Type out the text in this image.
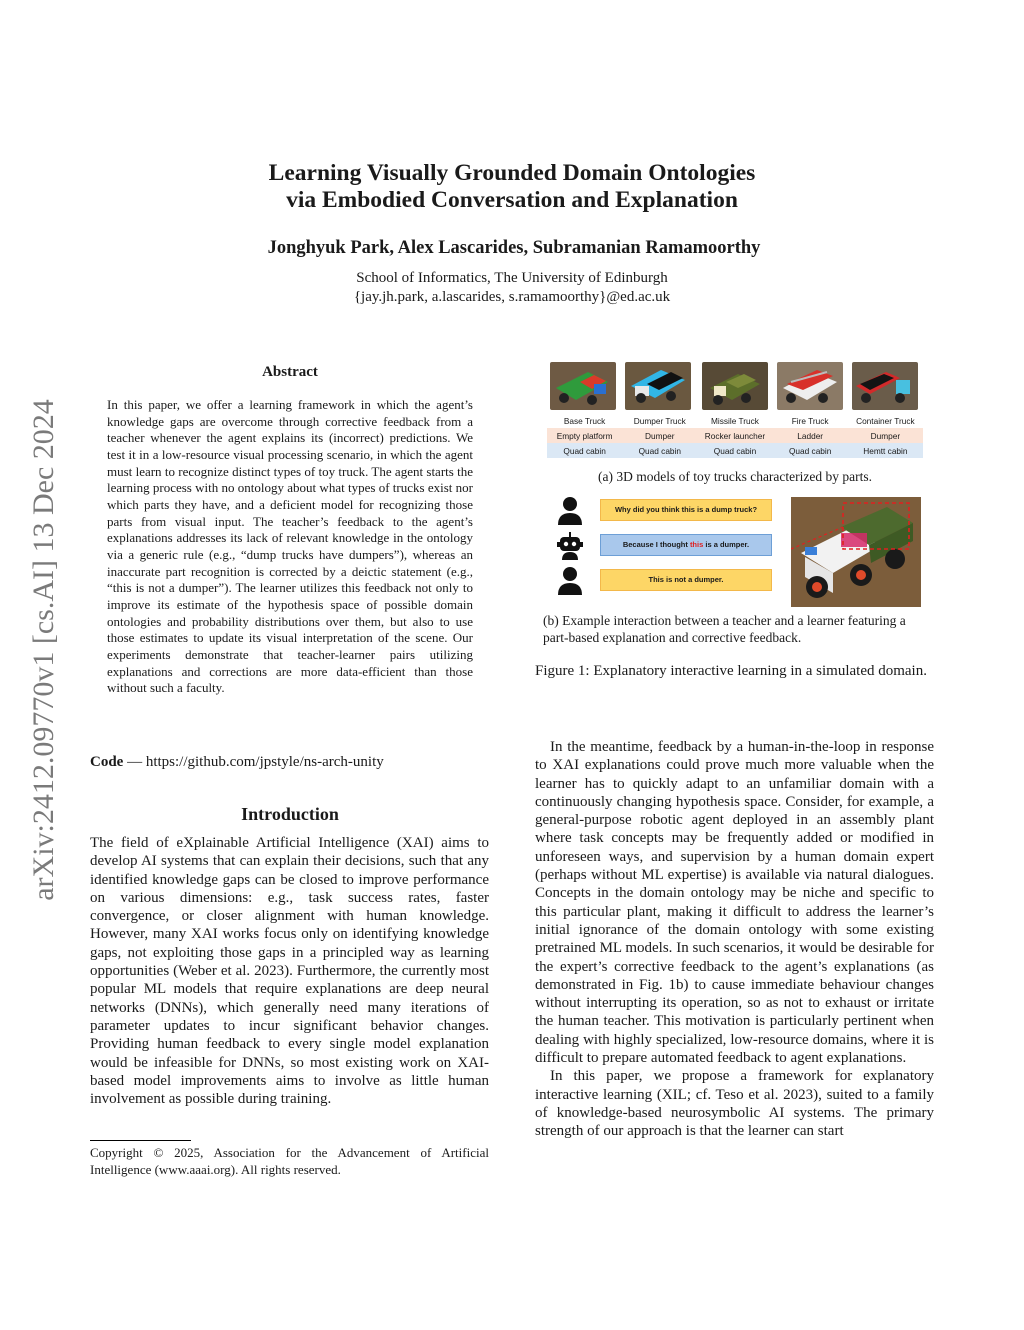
arXiv:2412.09770v1 [cs.AI] 13 Dec 2024
Learning Visually Grounded Domain Ontologies
via Embodied Conversation and Explanation
Jonghyuk Park, Alex Lascarides, Subramanian Ramamoorthy
School of Informatics, The University of Edinburgh
{jay.jh.park, a.lascarides, s.ramamoorthy}@ed.ac.uk
Abstract

In this paper, we offer a learning framework in which the agent’s knowledge gaps are overcome through corrective feedback from a teacher whenever the agent explains its (incorrect) predictions. We test it in a low-resource visual processing scenario, in which the agent must learn to recognize distinct types of toy truck. The agent starts the learning process with no ontology about what types of trucks exist nor which parts they have, and a deficient model for recognizing those parts from visual input. The teacher’s feedback to the agent’s explanations addresses its lack of relevant knowledge in the ontology via a generic rule (e.g., “dump trucks have dumpers”), whereas an inaccurate part recognition is corrected by a deictic statement (e.g., “this is not a dumper”). The learner utilizes this feedback not only to improve its estimate of the hypothesis space of possible domain ontologies and probability distributions over them, but also to use those estimates to update its visual interpretation of the scene. Our experiments demonstrate that teacher-learner pairs utilizing explanations and corrections are more data-efficient than those without such a faculty.

Code — https://github.com/jpstyle/ns-arch-unity
Introduction

The field of eXplainable Artificial Intelligence (XAI) aims to develop AI systems that can explain their decisions, such that any identified knowledge gaps can be closed to improve performance on various dimensions: e.g., task success rates, faster convergence, or closer alignment with human knowledge. However, many XAI works focus only on identifying knowledge gaps, not exploiting those gaps in a principled way as learning opportunities (Weber et al. 2023). Furthermore, the currently most popular ML models that require explanations are deep neural networks (DNNs), which generally need many iterations of parameter updates to incur significant behavior changes. Providing human feedback to every single model explanation would be infeasible for DNNs, so most existing work on XAI-based model improvements aims to involve as little human involvement as possible during training.

Copyright © 2025, Association for the Advancement of Artificial Intelligence (www.aaai.org). All rights reserved.

Base Truck	Dumper Truck	Missile Truck	Fire Truck	Container Truck
Empty platform	Dumper	Rocker launcher	Ladder	Dumper
Quad cabin	Quad cabin	Quad cabin	Quad cabin	Hemtt cabin
(a) 3D models of toy trucks characterized by parts.
Why did you think this is a dump truck?
Because I thought this is a dumper.
This is not a dumper.

(b) Example interaction between a teacher and a learner featuring a part-based explanation and corrective feedback.

Figure 1: Explanatory interactive learning in a simulated domain.

In the meantime, feedback by a human-in-the-loop in response to XAI explanations could prove much more valuable when the learner has to quickly adapt to an unfamiliar domain with a continuously changing hypothesis space. Consider, for example, a general-purpose robotic agent deployed in an assembly plant where task concepts may be frequently added or modified in unforeseen ways, and supervision by a human domain expert (perhaps without ML expertise) is available via natural dialogues. Concepts in the domain ontology may be niche and specific to this particular plant, making it difficult to address the learner’s initial ignorance of the domain ontology with some existing pretrained ML models. In such scenarios, it would be desirable for the expert’s corrective feedback to the agent’s explanations (as demonstrated in Fig. 1b) to cause immediate behaviour changes without interrupting its operation, so as not to exhaust or irritate the human teacher. This motivation is particularly pertinent when dealing with highly specialized, low-resource domains, where it is difficult to prepare automated feedback to agent explanations.

In this paper, we propose a framework for explanatory interactive learning (XIL; cf. Teso et al. 2023), suited to a family of knowledge-based neurosymbolic AI systems. The primary strength of our approach is that the learner can start
